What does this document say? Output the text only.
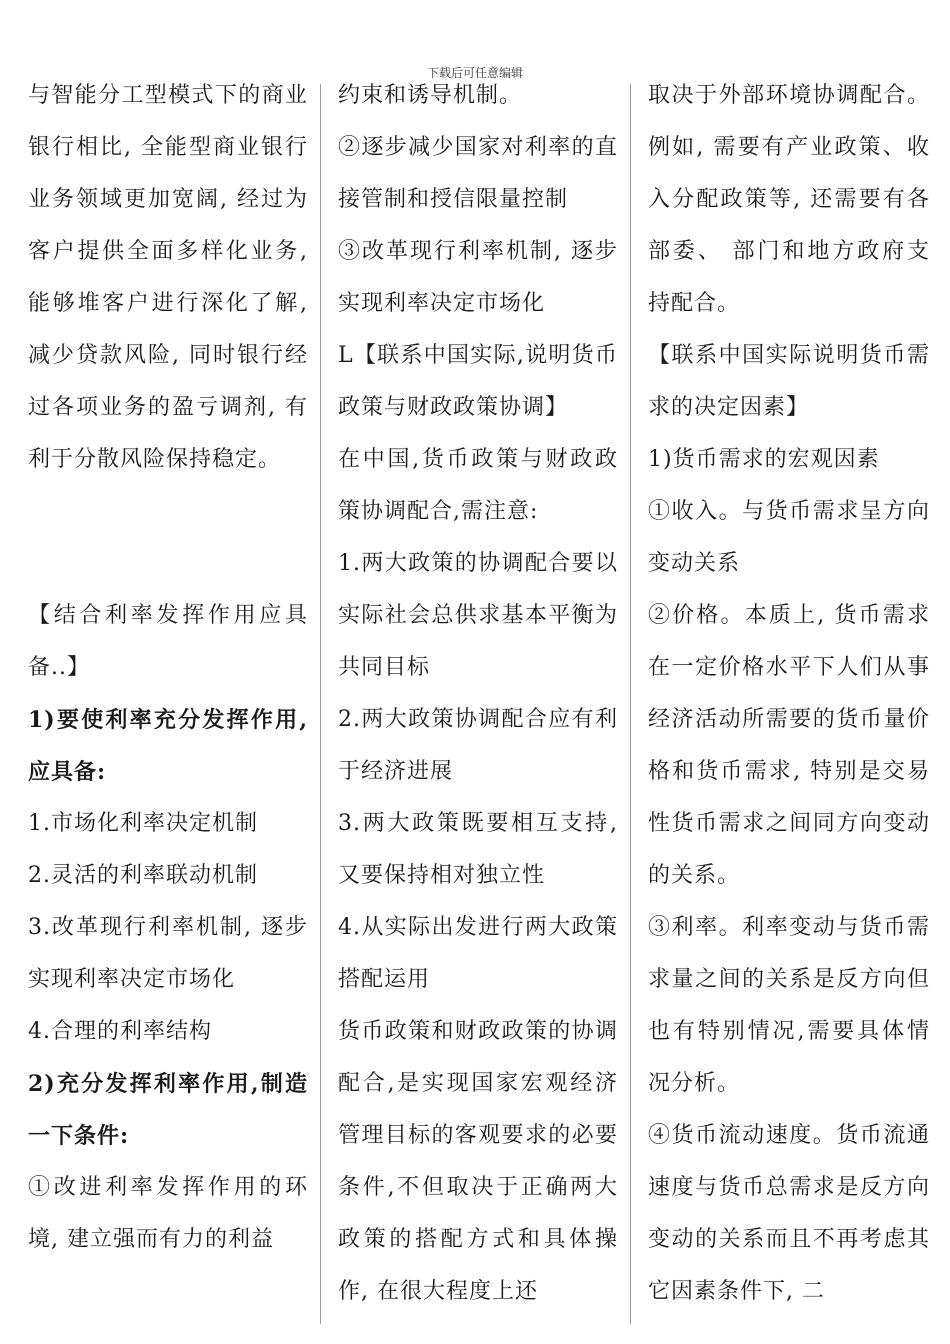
下载后可任意编辑

与智能分工型模式下的商业银行相比, 全能型商业银行业务领域更加宽阔, 经过为客户提供全面多样化业务, 能够堆客户进行深化了解, 减少贷款风险, 同时银行经过各项业务的盈亏调剂, 有利于分散风险保持稳定。

【结合利率发挥作用应具备..】

1)要使利率充分发挥作用, 应具备:

1.市场化利率决定机制

2.灵活的利率联动机制

3.改革现行利率机制, 逐步实现利率决定市场化

4.合理的利率结构

2)充分发挥利率作用,制造一下条件:

①改进利率发挥作用的环境, 建立强而有力的利益

约束和诱导机制。

②逐步减少国家对利率的直接管制和授信限量控制

③改革现行利率机制, 逐步实现利率决定市场化

L【联系中国实际,说明货币政策与财政政策协调】

在中国,货币政策与财政政策协调配合,需注意:

1.两大政策的协调配合要以实际社会总供求基本平衡为共同目标

2.两大政策协调配合应有利于经济进展

3.两大政策既要相互支持, 又要保持相对独立性

4.从实际出发进行两大政策搭配运用

货币政策和财政政策的协调配合,是实现国家宏观经济管理目标的客观要求的必要条件,不但取决于正确两大政策的搭配方式和具体操作, 在很大程度上还

取决于外部环境协调配合。例如, 需要有产业政策、收入分配政策等, 还需要有各部委、 部门和地方政府支持配合。

【联系中国实际说明货币需求的决定因素】

1)货币需求的宏观因素

①收入。与货币需求呈方向变动关系

②价格。本质上, 货币需求在一定价格水平下人们从事经济活动所需要的货币量价格和货币需求, 特别是交易性货币需求之间同方向变动的关系。

③利率。利率变动与货币需求量之间的关系是反方向但也有特别情况,需要具体情况分析。

④货币流动速度。货币流通速度与货币总需求是反方向变动的关系而且不再考虑其它因素条件下, 二
